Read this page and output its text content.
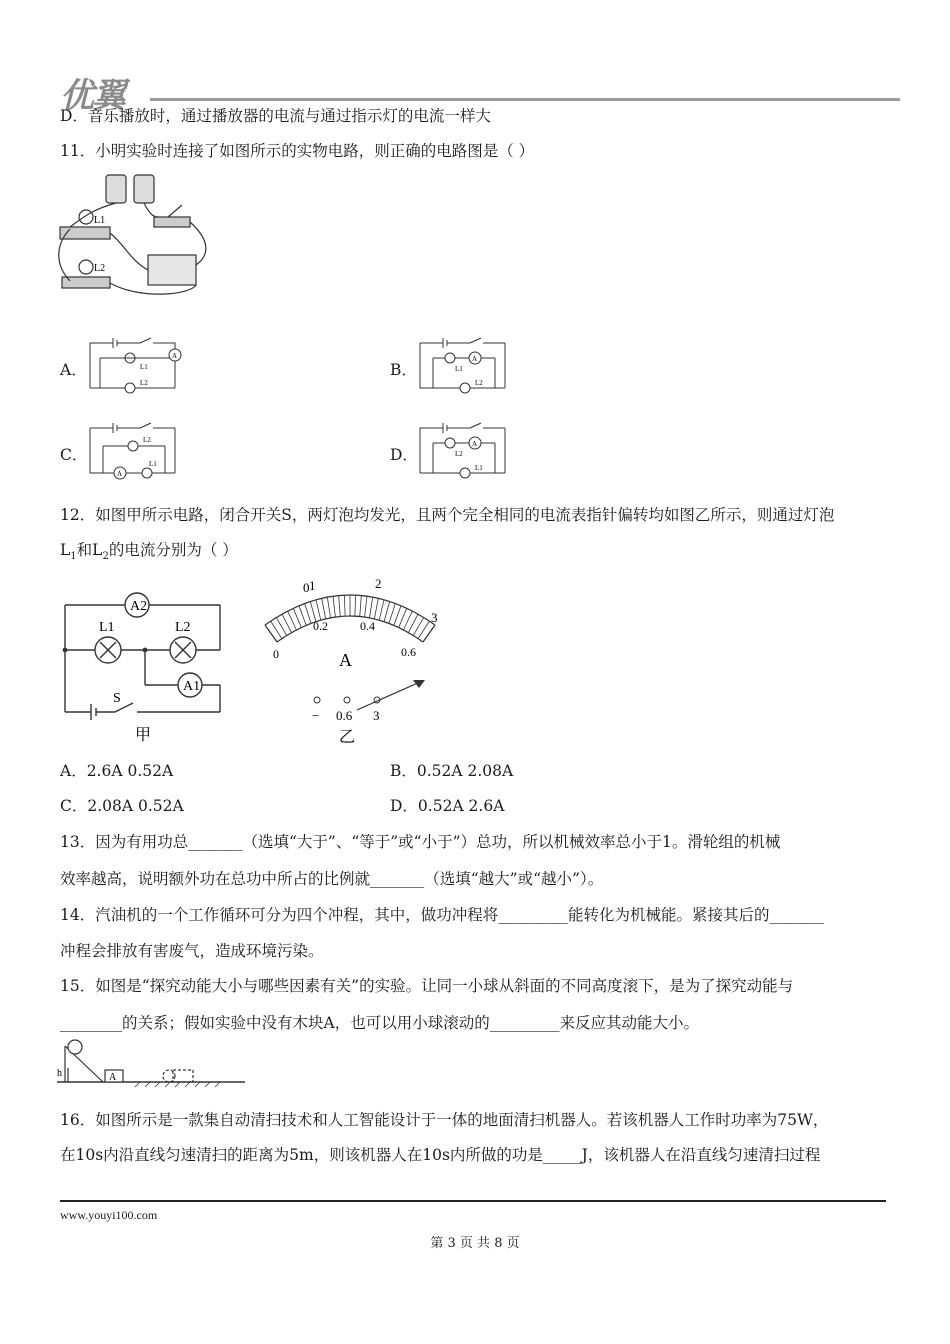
优翼
D．音乐播放时，通过播放器的电流与通过指示灯的电流一样大
11．小明实验时连接了如图所示的实物电路，则正确的电路图是（ ）
L1
L2
A．	B．
C．	D．
A
L1
L2
A
L1
L2
A
L2
L1
A
L2
L1
12．如图甲所示电路，闭合开关S，两灯泡均发光，且两个完全相同的电流表指针偏转均如图乙所示，则通过灯泡
$L_1$和$L_2$的电流分别为（ ）
A2
L1	L2
A1
S
甲
0 1	2
3
0
0.2	0.4
0.6
A
− 0.6 3
乙
A．2.6A 0.52A	B．0.52A 2.08A
C．2.08A 0.52A	D．0.52A 2.6A
13．因为有用功总_______（选填“大于”、“等于”或“小于”）总功，所以机械效率总小于1。滑轮组的机械
效率越高，说明额外功在总功中所占的比例就_______（选填“越大”或“越小”）。
14．汽油机的一个工作循环可分为四个冲程，其中，做功冲程将_________能转化为机械能。紧接其后的_______
冲程会排放有害废气，造成环境污染。
15．如图是“探究动能大小与哪些因素有关”的实验。让同一小球从斜面的不同高度滚下，是为了探究动能与
________的关系；假如实验中没有木块A，也可以用小球滚动的_________来反应其动能大小。
h	A
16．如图所示是一款集自动清扫技术和人工智能设计于一体的地面清扫机器人。若该机器人工作时功率为75W，
在10s内沿直线匀速清扫的距离为5m，则该机器人在10s内所做的功是_____J，该机器人在沿直线匀速清扫过程
www.youyi100.com
第 3 页 共 8 页
